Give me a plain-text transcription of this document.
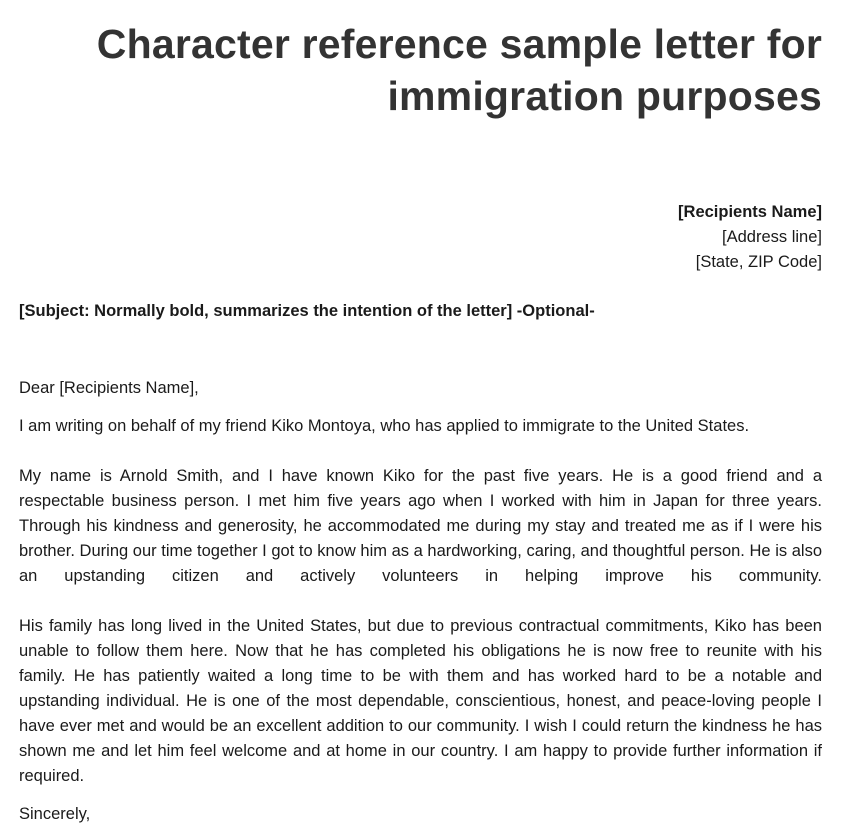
Character reference sample letter for
immigration purposes
[Recipients Name]
[Address line]
[State, ZIP Code]
[Subject: Normally bold, summarizes the intention of the letter] -Optional-

Dear [Recipients Name],

I am writing on behalf of my friend Kiko Montoya, who has applied to immigrate to the United States.

My name is Arnold Smith, and I have known Kiko for the past five years. He is a good friend and a respectable business person. I met him five years ago when I worked with him in Japan for three years. Through his kindness and generosity, he accommodated me during my stay and treated me as if I were his brother. During our time together I got to know him as a hardworking, caring, and thoughtful person. He is also an upstanding citizen and actively volunteers in helping improve his community.

His family has long lived in the United States, but due to previous contractual commitments, Kiko has been unable to follow them here. Now that he has completed his obligations he is now free to reunite with his family. He has patiently waited a long time to be with them and has worked hard to be a notable and upstanding individual. He is one of the most dependable, conscientious, honest, and peace-loving people I have ever met and would be an excellent addition to our community. I wish I could return the kindness he has shown me and let him feel welcome and at home in our country. I am happy to provide further information if required.

Sincerely,
